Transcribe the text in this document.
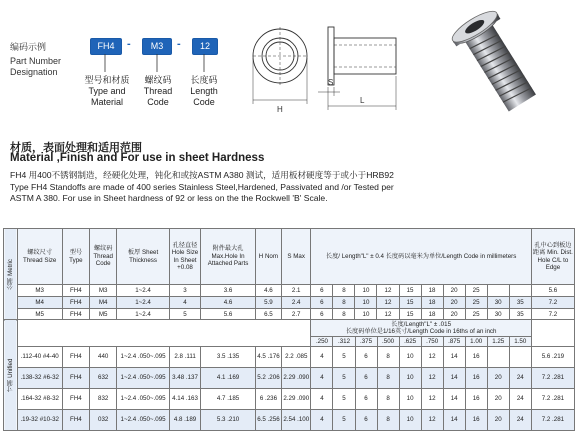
编码示例
Part Number
Designation
FH4	-	M3	-	12
型号和材质
Type and
Material
螺纹码
Thread
Code
长度码
Length
Code
H
S
L
材质，表面处理和适用范围
Material ,Finish and For use in sheet Hardness
FH4 用400不锈钢制造，经硬化处理，钝化和或按ASTM A380 测试，适用板材硬度等于或小于HRB92
Type FH4 Standoffs are made of 400 series Stainless Steel,Hardened, Passivated and /or Tested per
ASTM A 380. For use in Sheet hardness of 92 or less on the the Rockwell 'B' Scale.
公制 Metric	螺纹尺寸 Thread Size	型号 Type	螺纹码 Thread Code	板厚 Sheet Thickness	孔径直径 Hole Size In Sheet +0.08	附件最大孔 Max.Hole In Attached Parts	H Nom	S Max	长度/ Length"L" ± 0.4 长度码以毫米为单位/Length Code in millimeters										孔中心到板边距离 Min. Dist. Hole C/L to Edge
	M3	FH4	M3	1~2.4	3	3.6	4.6	2.1	6	8	10	12	15	18	20	25			5.6
	M4	FH4	M4	1~2.4	4	4.6	5.9	2.4	6	8	10	12	15	18	20	25	30	35	7.2
	M5	FH4	M5	1~2.4	5	5.6	6.5	2.7	6	8	10	12	15	18	20	25	30	35	7.2
寸制 Unified									长度/Length"L" ± .015
长度码单位是1/16英寸/Length Code in 16ths of an inch										

									.250	.312	.375	.500	.625	.750	.875	1.00	1.25	1.50	
	.112-40 #4-40	FH4	440	1~2.4 .050~.095	2.8 .111	3.5 .135	4.5 .176	2.2 .085	4	5	6	8	10	12	14	16			5.6 .219
	.138-32 #6-32	FH4	632	1~2.4 .050~.095	3.48 .137	4.1 .169	5.2 .206	2.29 .090	4	5	6	8	10	12	14	16	20	24	7.2 .281
	.164-32 #8-32	FH4	832	1~2.4 .050~.095	4.14 .163	4.7 .185	6 .236	2.29 .090	4	5	6	8	10	12	14	16	20	24	7.2 .281
	.19-32 #10-32	FH4	032	1~2.4 .050~.095	4.8 .189	5.3 .210	6.5 .256	2.54 .100	4	5	6	8	10	12	14	16	20	24	7.2 .281
